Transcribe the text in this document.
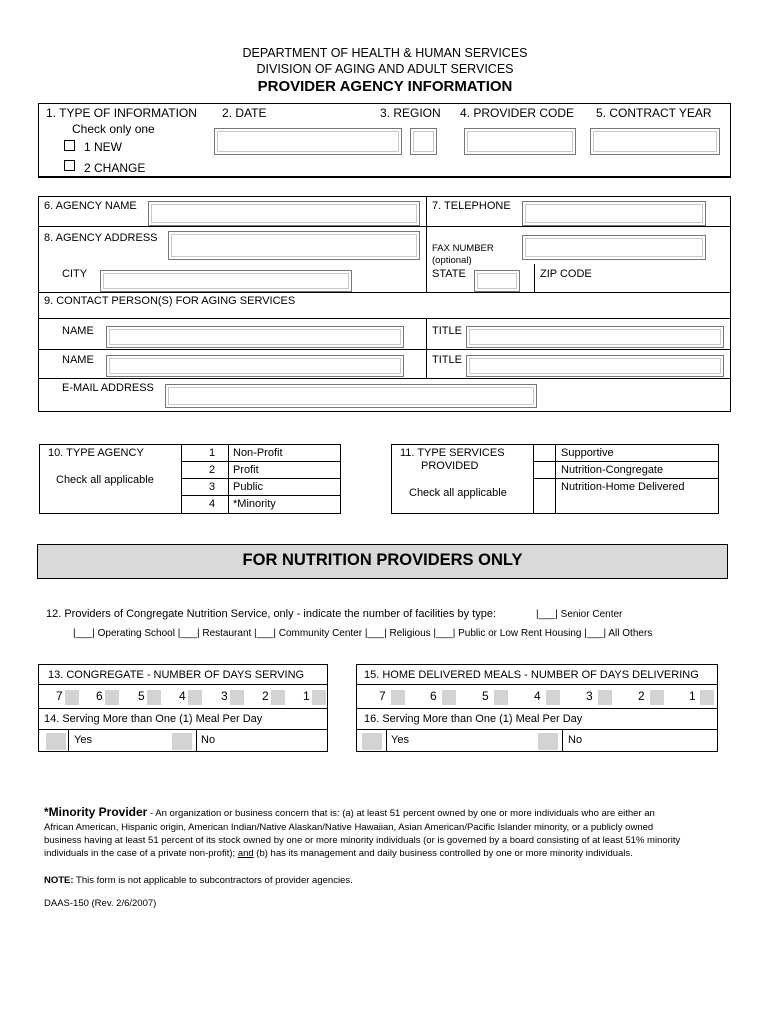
DEPARTMENT OF HEALTH & HUMAN SERVICES
DIVISION OF AGING AND ADULT SERVICES
PROVIDER AGENCY INFORMATION
1. TYPE OF INFORMATION
Check only one
1 NEW
2 CHANGE
2. DATE	3. REGION 4. PROVIDER CODE 5. CONTRACT YEAR
6. AGENCY NAME	7. TELEPHONE
8. AGENCY ADDRESS
FAX NUMBER
(optional)
CITY	STATE	ZIP CODE
9. CONTACT PERSON(S) FOR AGING SERVICES
NAME	TITLE
NAME	TITLE
E-MAIL ADDRESS
10. TYPE AGENCY
Check all applicable
1 Non-Profit
2 Profit
3 Public
4 *Minority
11. TYPE SERVICES
PROVIDED
Check all applicable
Supportive
Nutrition-Congregate
Nutrition-Home Delivered
FOR NUTRITION PROVIDERS ONLY
12. Providers of Congregate Nutrition Service, only - indicate the number of facilities by type:	|___| Senior Center
|___| Operating School |___| Restaurant |___| Community Center |___| Religious |___| Public or Low Rent Housing |___| All Others
13. CONGREGATE - NUMBER OF DAYS SERVING
7	6	5	4	3	2	1
14. Serving More than One (1) Meal Per Day
Yes	No
15. HOME DELIVERED MEALS - NUMBER OF DAYS DELIVERING
7	6	5	4	3	2	1
16. Serving More than One (1) Meal Per Day
Yes	No
*Minority Provider - An organization or business concern that is: (a) at least 51 percent owned by one or more individuals who are either an
African American, Hispanic origin, American Indian/Native Alaskan/Native Hawaiian, Asian American/Pacific Islander minority, or a publicly owned
business having at least 51 percent of its stock owned by one or more minority individuals (or is governed by a board consisting of at least 51% minority
individuals in the case of a private non-profit); and (b) has its management and daily business controlled by one or more minority individuals.
NOTE: This form is not applicable to subcontractors of provider agencies.
DAAS-150 (Rev. 2/6/2007)
